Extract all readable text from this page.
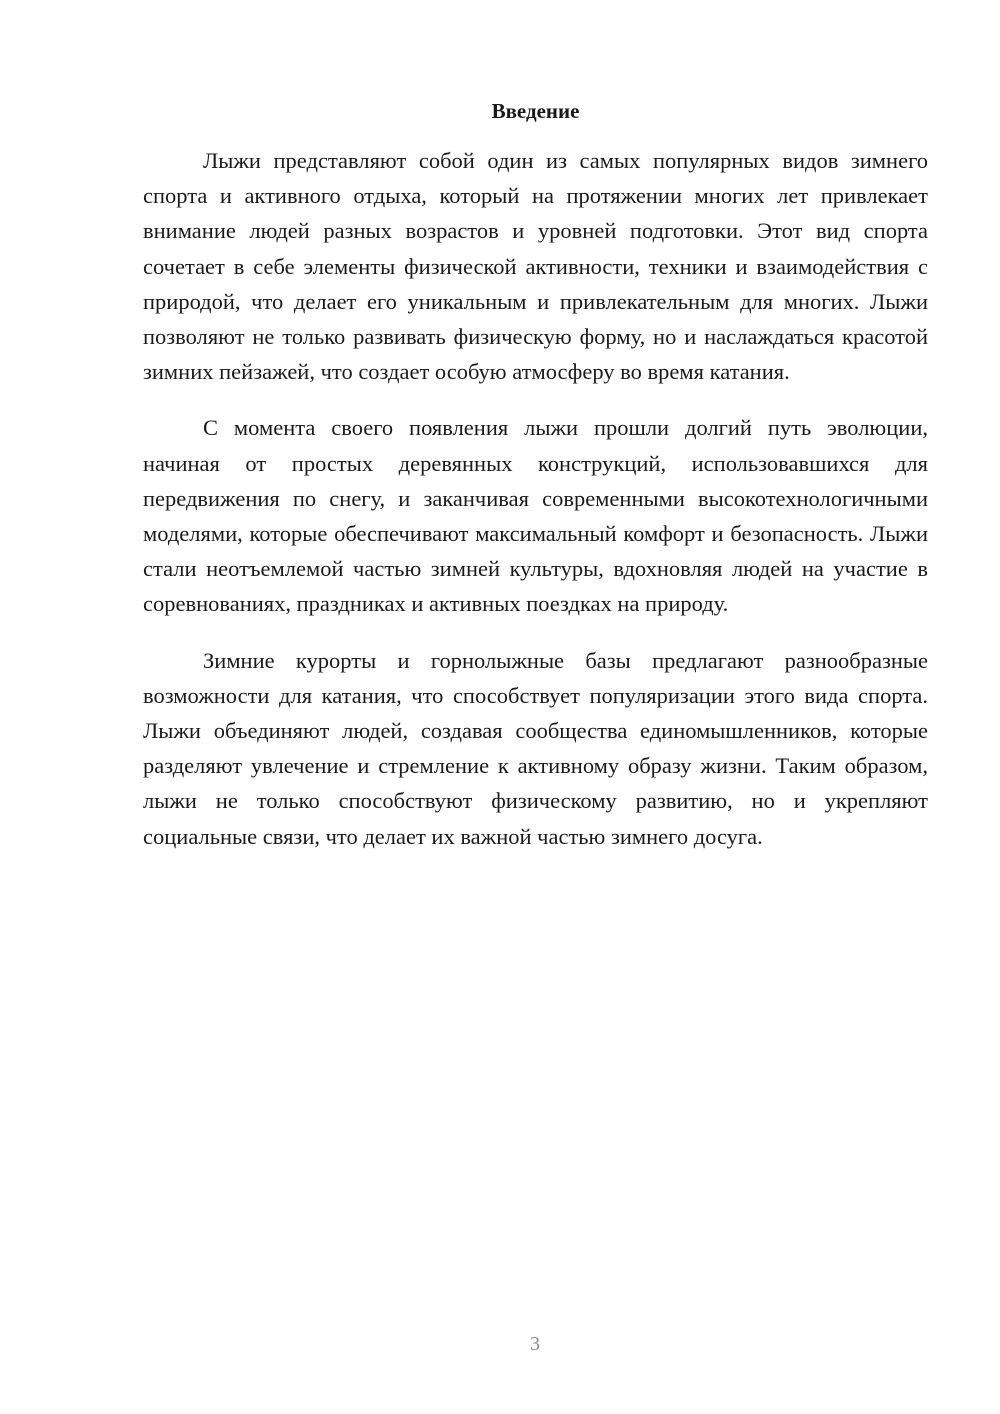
Введение

Лыжи представляют собой один из самых популярных видов зимнего спорта и активного отдыха, который на протяжении многих лет привлекает внимание людей разных возрастов и уровней подготовки. Этот вид спорта сочетает в себе элементы физической активности, техники и взаимодействия с природой, что делает его уникальным и привлекательным для многих. Лыжи позволяют не только развивать физическую форму, но и наслаждаться красотой зимних пейзажей, что создает особую атмосферу во время катания.

С момента своего появления лыжи прошли долгий путь эволюции, начиная от простых деревянных конструкций, использовавшихся для передвижения по снегу, и заканчивая современными высокотехнологичными моделями, которые обеспечивают максимальный комфорт и безопасность. Лыжи стали неотъемлемой частью зимней культуры, вдохновляя людей на участие в соревнованиях, праздниках и активных поездках на природу.

Зимние курорты и горнолыжные базы предлагают разнообразные возможности для катания, что способствует популяризации этого вида спорта. Лыжи объединяют людей, создавая сообщества единомышленников, которые разделяют увлечение и стремление к активному образу жизни. Таким образом, лыжи не только способствуют физическому развитию, но и укрепляют социальные связи, что делает их важной частью зимнего досуга.

3
